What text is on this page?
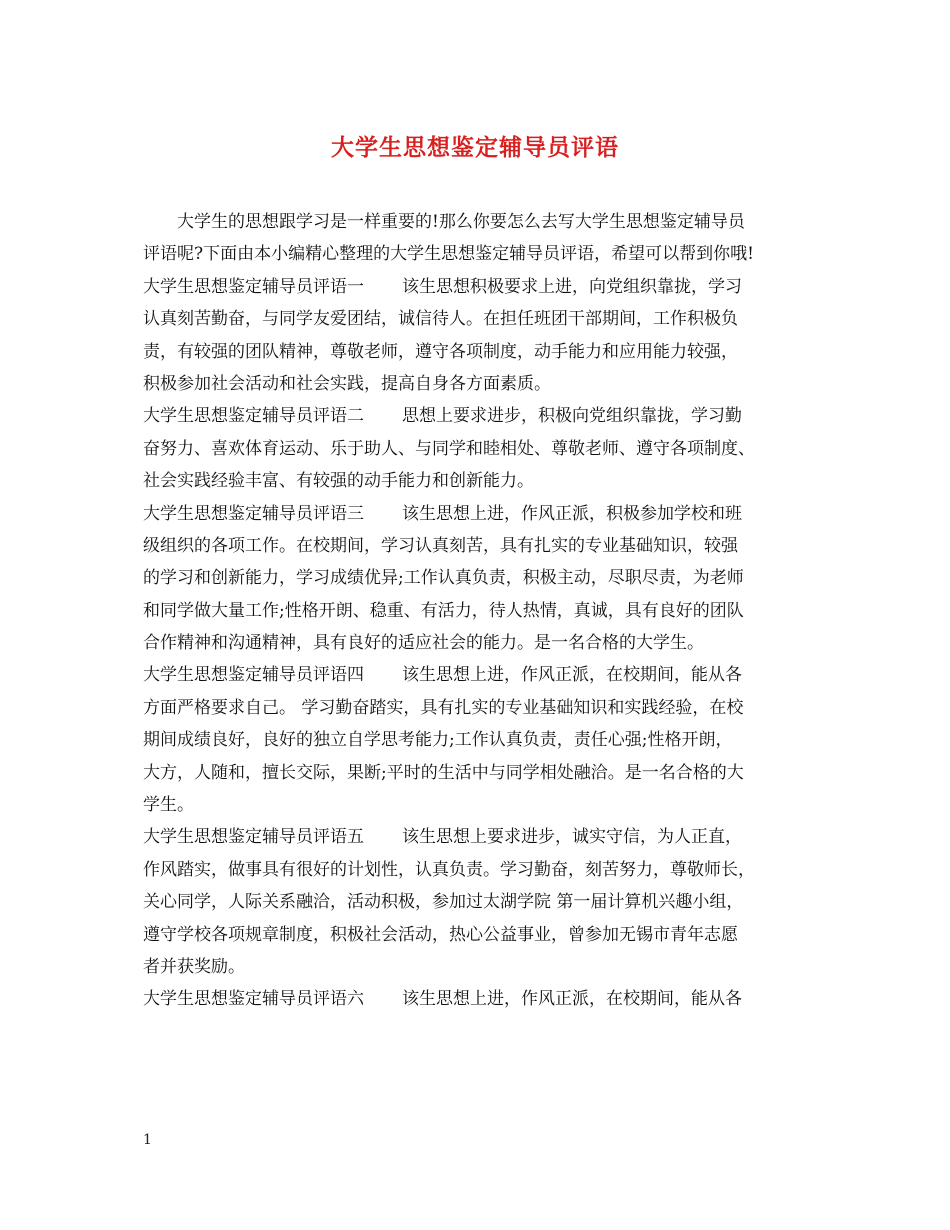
大学生思想鉴定辅导员评语
大学生的思想跟学习是一样重要的!那么你要怎么去写大学生思想鉴定辅导员
评语呢?下面由本小编精心整理的大学生思想鉴定辅导员评语，希望可以帮到你哦!
大学生思想鉴定辅导员评语一 该生思想积极要求上进，向党组织靠拢，学习
认真刻苦勤奋，与同学友爱团结，诚信待人。在担任班团干部期间，工作积极负
责，有较强的团队精神，尊敬老师，遵守各项制度，动手能力和应用能力较强，
积极参加社会活动和社会实践，提高自身各方面素质。
大学生思想鉴定辅导员评语二 思想上要求进步，积极向党组织靠拢，学习勤
奋努力、喜欢体育运动、乐于助人、与同学和睦相处、尊敬老师、遵守各项制度、
社会实践经验丰富、有较强的动手能力和创新能力。
大学生思想鉴定辅导员评语三 该生思想上进，作风正派，积极参加学校和班
级组织的各项工作。在校期间，学习认真刻苦，具有扎实的专业基础知识，较强
的学习和创新能力，学习成绩优异;工作认真负责，积极主动，尽职尽责，为老师
和同学做大量工作;性格开朗、稳重、有活力，待人热情，真诚，具有良好的团队
合作精神和沟通精神，具有良好的适应社会的能力。是一名合格的大学生。
大学生思想鉴定辅导员评语四 该生思想上进，作风正派，在校期间，能从各
方面严格要求自己。 学习勤奋踏实，具有扎实的专业基础知识和实践经验，在校
期间成绩良好，良好的独立自学思考能力;工作认真负责，责任心强;性格开朗，
大方，人随和，擅长交际，果断;平时的生活中与同学相处融洽。是一名合格的大
学生。
大学生思想鉴定辅导员评语五 该生思想上要求进步，诚实守信，为人正直，
作风踏实，做事具有很好的计划性，认真负责。学习勤奋，刻苦努力，尊敬师长，
关心同学，人际关系融洽，活动积极，参加过太湖学院 第一届计算机兴趣小组，
遵守学校各项规章制度，积极社会活动，热心公益事业，曾参加无锡市青年志愿
者并获奖励。
大学生思想鉴定辅导员评语六 该生思想上进，作风正派，在校期间，能从各
1
